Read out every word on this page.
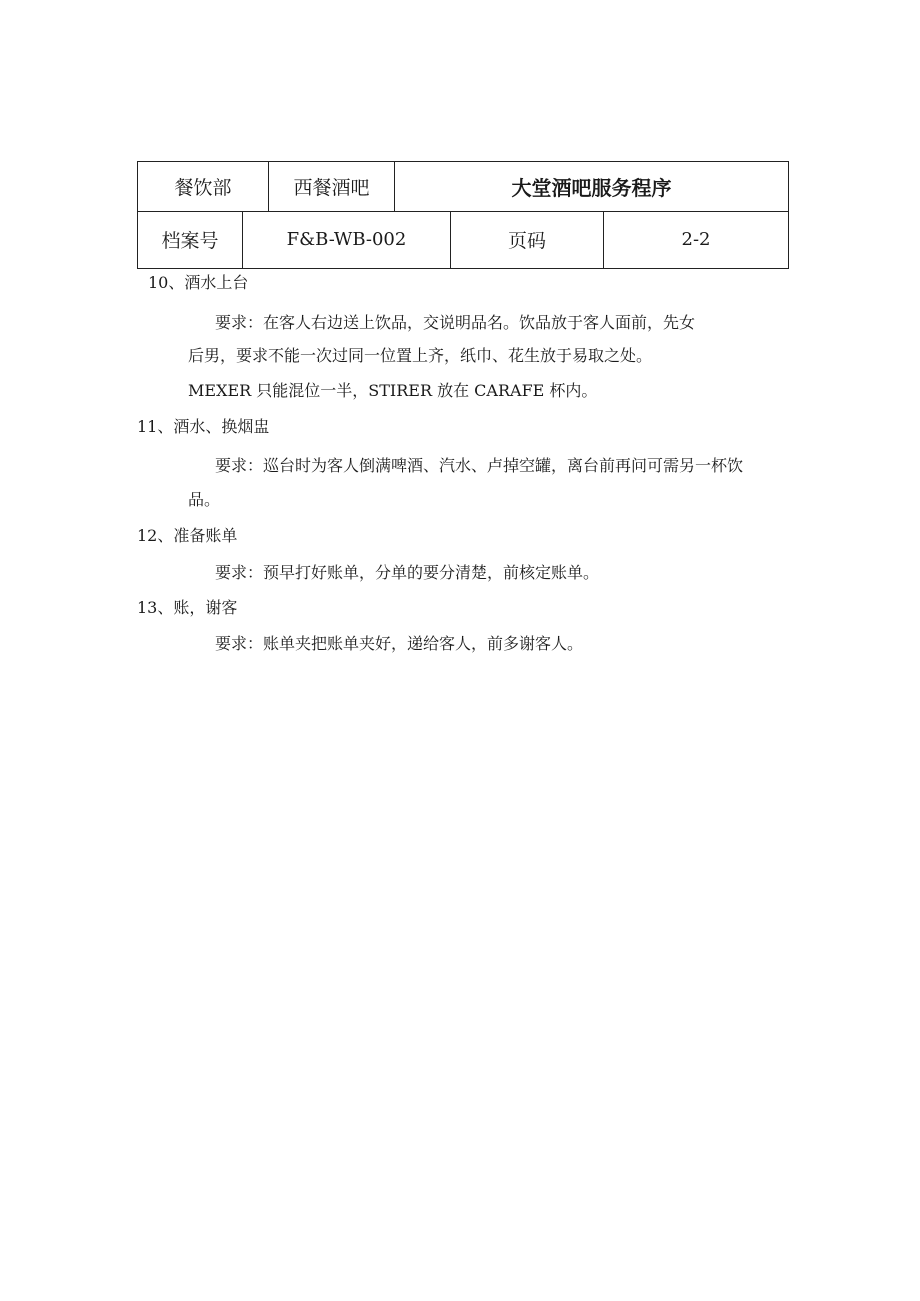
餐饮部	西餐酒吧	大堂酒吧服务程序
档案号	F&B-WB-002	页码	2-2
10、酒水上台
要求：在客人右边送上饮品，交说明品名。饮品放于客人面前，先女
后男，要求不能一次过同一位置上齐，纸巾、花生放于易取之处。
MEXER 只能混位一半，STIRER 放在 CARAFE 杯内。
11、酒水、换烟盅
要求：巡台时为客人倒满啤酒、汽水、卢掉空罐，离台前再问可需另一杯饮
品。
12、准备账单
要求：预早打好账单，分单的要分清楚，前核定账单。
13、账，谢客
要求：账单夹把账单夹好，递给客人，前多谢客人。
